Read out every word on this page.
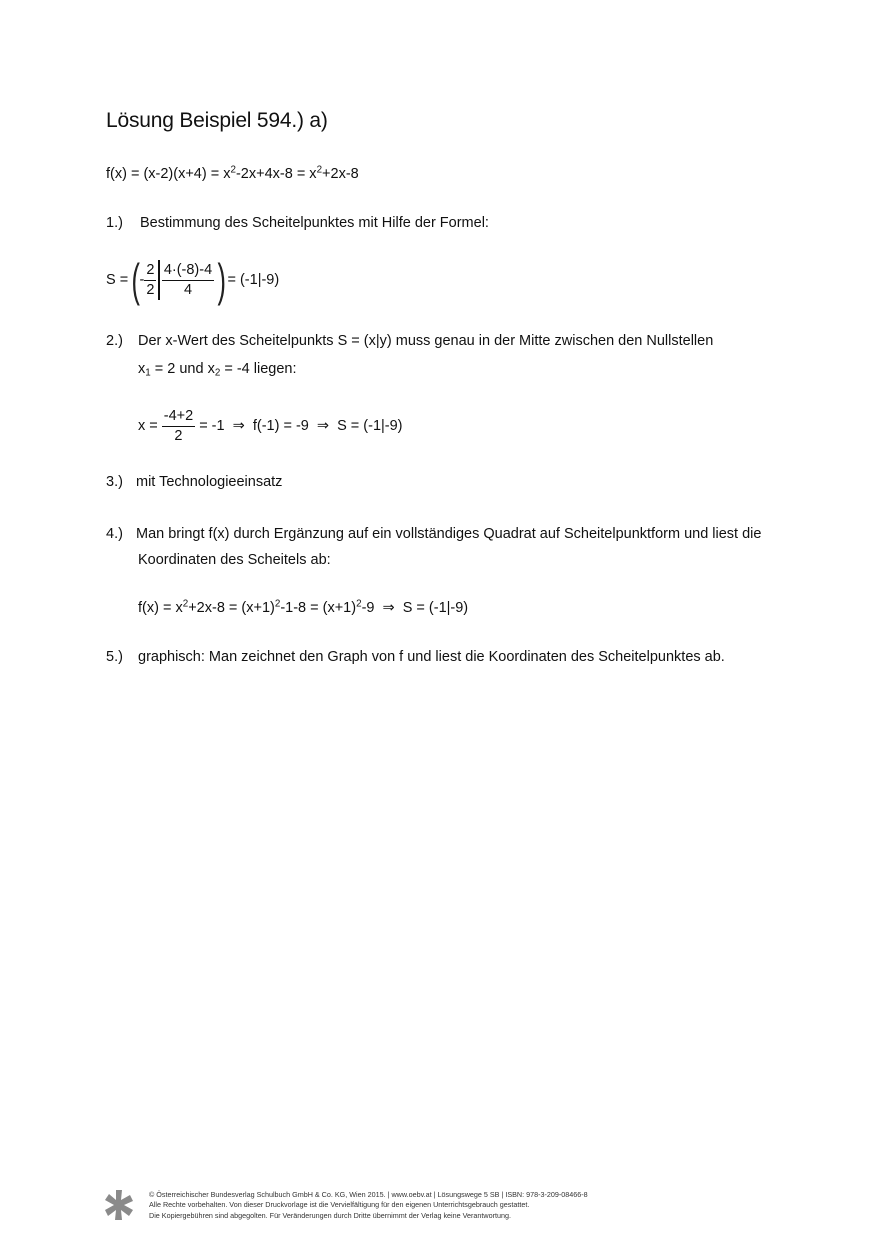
Lösung Beispiel 594.) a)
$f(x) = (x-2)(x+4) = x^2-2x+4x-8 = x^2+2x-8$
1.) Bestimmung des Scheitelpunktes mit Hilfe der Formel:
S = ( - $\frac{2}{2} \frac{4\cdot(-8)-4}{4}$ ) = (-1|-9)
2.) Der x-Wert des Scheitelpunkts S = (x|y) muss genau in der Mitte zwischen den Nullstellen
$x_1 = 2$ und $x_2 = -4$ liegen:
$x = \frac{-4+2}{2} = -1$  ⇒  f(-1) = -9  ⇒  S = (-1|-9)
3.) mit Technologieeinsatz
4.) Man bringt f(x) durch Ergänzung auf ein vollständiges Quadrat auf Scheitelpunktform und liest die
Koordinaten des Scheitels ab:
$f(x) = x^2+2x-8 = (x+1)^2-1-8 = (x+1)^2-9$  ⇒  S = (-1|-9)
5.) graphisch: Man zeichnet den Graph von f und liest die Koordinaten des Scheitelpunktes ab.
© Österreichischer Bundesverlag Schulbuch GmbH & Co. KG, Wien 2015. | www.oebv.at | Lösungswege 5 SB | ISBN: 978-3-209-08466-8
Alle Rechte vorbehalten. Von dieser Druckvorlage ist die Vervielfältigung für den eigenen Unterrichtsgebrauch gestattet.
Die Kopiergebühren sind abgegolten. Für Veränderungen durch Dritte übernimmt der Verlag keine Verantwortung.
